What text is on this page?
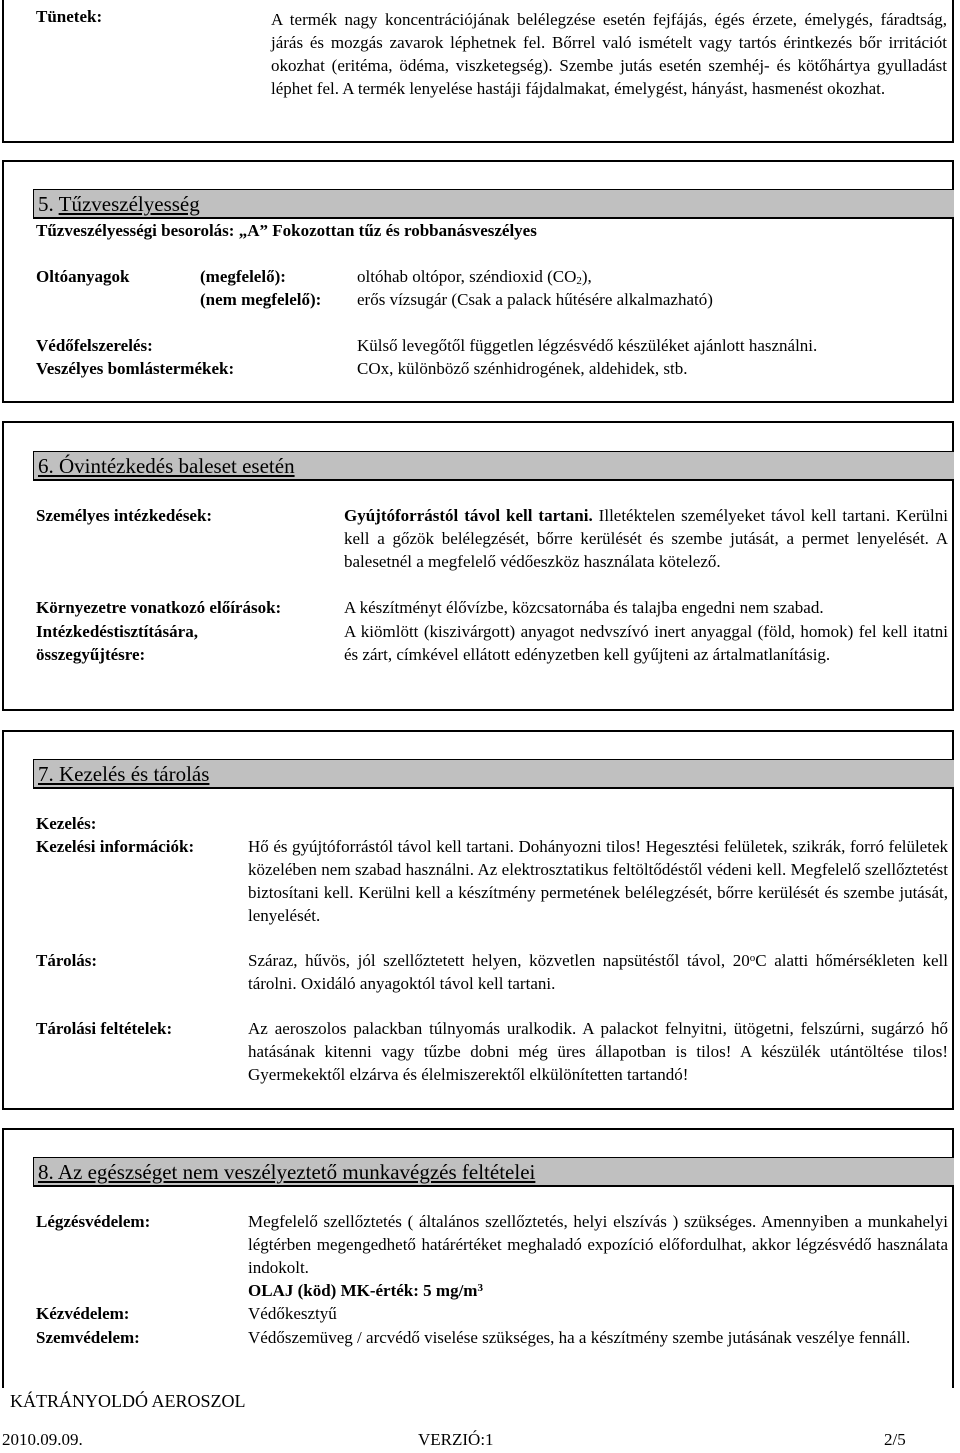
Tünetek:	A termék nagy koncentrációjának belélegzése esetén fejfájás, égés érzete, émelygés, fáradtság, járás és mozgás zavarok léphetnek fel. Bőrrel való ismételt vagy tartós érintkezés bőr irritációt okozhat (eritéma, ödéma, viszketegség). Szembe jutás esetén szemhéj- és kötőhártya gyulladást léphet fel. A termék lenyelése hastáji fájdalmakat, émelygést, hányást, hasmenést okozhat.

5. Tűzveszélyesség

Tűzveszélyességi besorolás: „A” Fokozottan tűz és robbanásveszélyes

Oltóanyagok	(megfelelő):	oltóhab oltópor, széndioxid $(CO_2)$,

(nem megfelelő): erős vízsugár (Csak a palack hűtésére alkalmazható)

Védőfelszerelés:	Külső levegőtől független légzésvédő készüléket ajánlott használni.

Veszélyes bomlástermékek:	COx, különböző szénhidrogének, aldehidek, stb.

6. Óvintézkedés baleset esetén

Személyes intézkedések:	Gyújtóforrástól távol kell tartani. Illetéktelen személyeket távol kell tartani. Kerülni kell a gőzök belélegzését, bőrre kerülését és szembe jutását, a permet lenyelését. A balesetnél a megfelelő védőeszköz használata kötelező.

Környezetre vonatkozó előírások:	A készítményt élővízbe, közcsatornába és talajba engedni nem szabad.

Intézkedéstisztítására,

összegyűjtésre:

A kiömlött (kiszivárgott) anyagot nedvszívó inert anyaggal (föld, homok) fel kell itatni és zárt, címkével ellátott edényzetben kell gyűjteni az ártalmatlanításig.

7. Kezelés és tárolás

Kezelés:

Kezelési információk:	Hő és gyújtóforrástól távol kell tartani. Dohányozni tilos! Hegesztési felületek, szikrák, forró felületek közelében nem szabad használni. Az elektrosztatikus feltöltődéstől védeni kell. Megfelelő szellőztetést biztosítani kell. Kerülni kell a készítmény permetének belélegzését, bőrre kerülését és szembe jutását, lenyelését.

Tárolás:	Száraz, hűvös, jól szellőztetett helyen, közvetlen napsütéstől távol, 20$^o$C alatti hőmérsékleten kell tárolni. Oxidáló anyagoktól távol kell tartani.

Tárolási feltételek:	Az aeroszolos palackban túlnyomás uralkodik. A palackot felnyitni, ütögetni, felszúrni, sugárzó hő hatásának kitenni vagy tűzbe dobni még üres állapotban is tilos! A készülék utántöltése tilos! Gyermekektől elzárva és élelmiszerektől elkülönítetten tartandó!

8. Az egészséget nem veszélyeztető munkavégzés feltételei

Légzésvédelem:	Megfelelő szellőztetés ( általános szellőztetés, helyi elszívás ) szükséges. Amennyiben a munkahelyi légtérben megengedhető határértéket meghaladó expozíció előfordulhat, akkor légzésvédő használata indokolt.

OLAJ (köd) MK-érték: 5 $mg/m^3$

Kézvédelem:	Védőkesztyű

Szemvédelem:	Védőszemüveg / arcvédő viselése szükséges, ha a készítmény szembe jutásának veszélye fennáll.

KÁTRÁNYOLDÓ AEROSZOL

2010.09.09.	VERZIÓ:1	2/5
